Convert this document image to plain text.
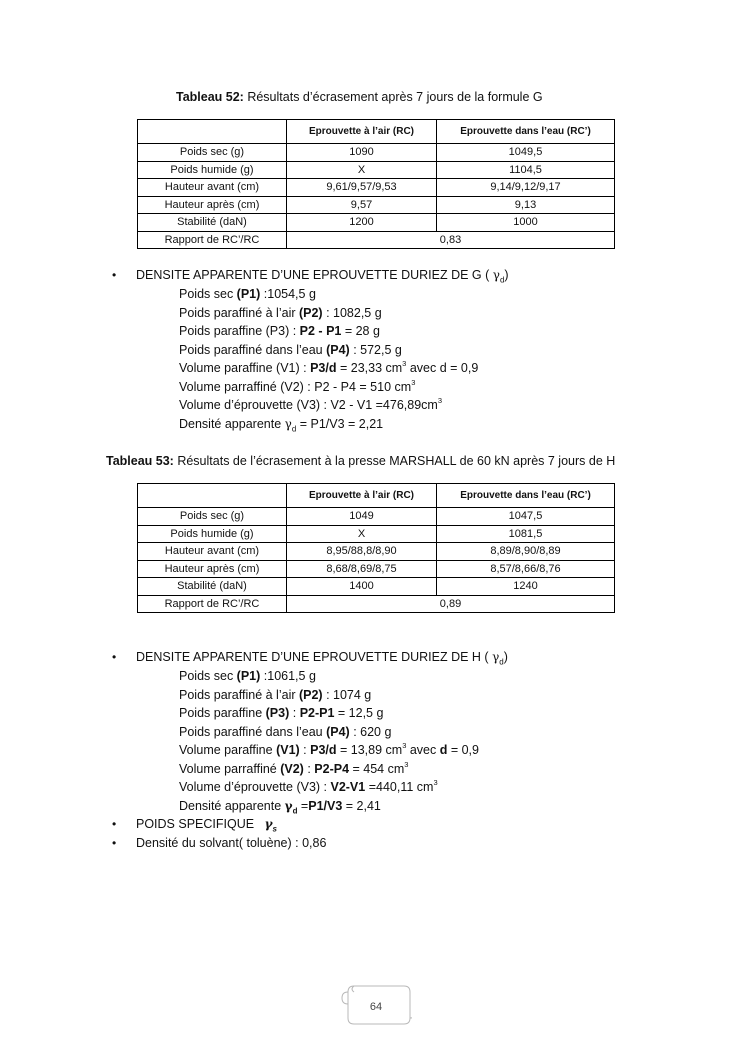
Tableau 52: Résultats d’écrasement après 7 jours de la formule G
	Eprouvette à l’air (RC)	Eprouvette dans l’eau (RC’)
Poids sec (g)	1090	1049,5
Poids humide (g)	X	1104,5
Hauteur avant (cm)	9,61/9,57/9,53	9,14/9,12/9,17
Hauteur après (cm)	9,57	9,13
Stabilité (daN)	1200	1000
Rapport de RC’/RC	0,83	
• DENSITE APPARENTE D’UNE EPROUVETTE DURIEZ DE G ( $\gamma_d$)
Poids sec (P1) :1054,5 g
Poids paraffiné à l’air (P2) : 1082,5 g
Poids paraffine (P3) : P2 - P1 = 28 g
Poids paraffiné dans l’eau (P4) : 572,5 g
Volume paraffine (V1) : P3/d = 23,33 $cm^3$ avec d = 0,9
Volume parraffiné (V2) : P2 - P4 = 510 $cm^3$
Volume d’éprouvette (V3) : $V2 - V1 =476,89cm^3$
Densité apparente $\gamma_d = P1/V3 = 2,21$
Tableau 53: Résultats de l’écrasement à la presse MARSHALL de 60 kN après 7 jours de H
	Eprouvette à l’air (RC)	Eprouvette dans l’eau (RC’)
Poids sec (g)	1049	1047,5
Poids humide (g)	X	1081,5
Hauteur avant (cm)	8,95/88,8/8,90	8,89/8,90/8,89
Hauteur après (cm)	8,68/8,69/8,75	8,57/8,66/8,76
Stabilité (daN)	1400	1240
Rapport de RC’/RC	0,89	
• DENSITE APPARENTE D’UNE EPROUVETTE DURIEZ DE H ( $\gamma_d$)
Poids sec (P1) :1061,5 g
Poids paraffiné à l’air (P2) : 1074 g
Poids paraffine (P3) : P2-P1 = 12,5 g
Poids paraffiné dans l’eau (P4) : 620 g
Volume paraffine (V1) : P3/d = 13,89 $cm^3$ avec d = 0,9
Volume parraffiné (V2) : P2-P4 = 454 $cm^3$
Volume d’éprouvette (V3) : V2-V1 =440,11 $cm^3$
Densité apparente $\gamma_d =P1/V3 = 2,41$
• POIDS SPECIFIQUE $\gamma_s$
• Densité du solvant( toluène) : 0,86
64
